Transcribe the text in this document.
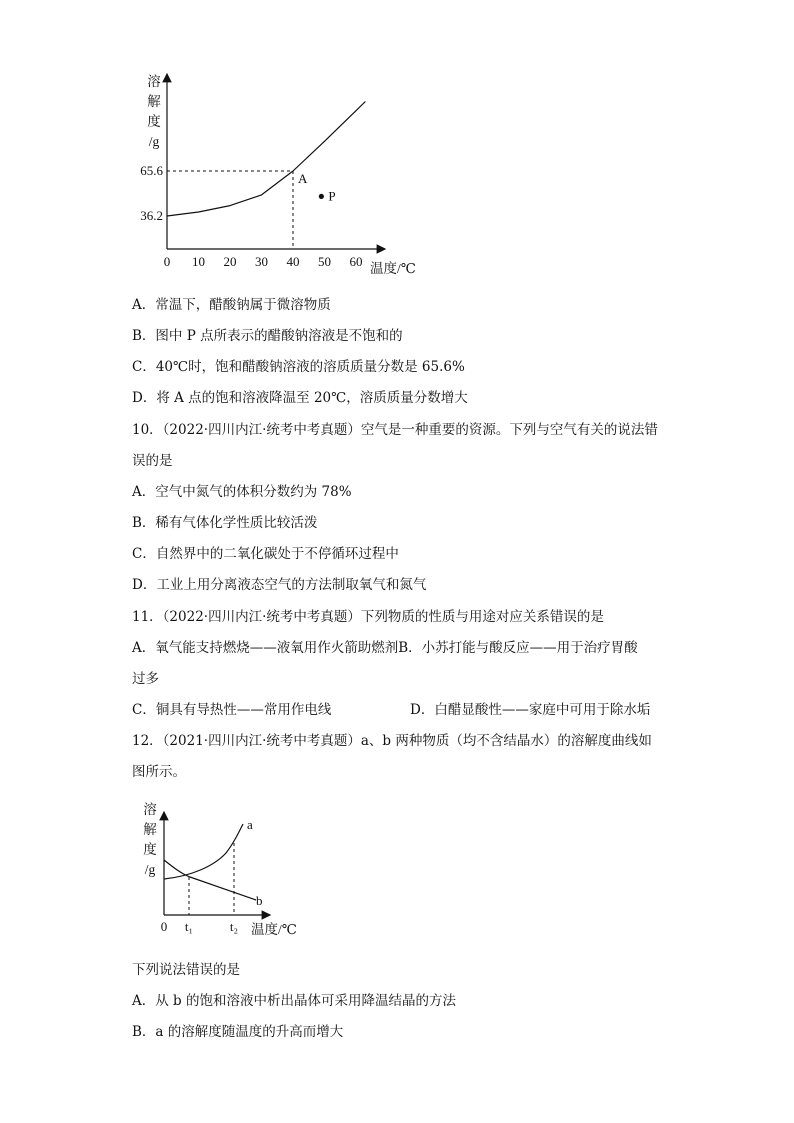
溶
解
度
/g
温度/℃
0 10 20 30 40 50 60
65.6
36.2
A
P
A．常温下，醋酸钠属于微溶物质
B．图中 P 点所表示的醋酸钠溶液是不饱和的
C．40℃时，饱和醋酸钠溶液的溶质质量分数是 65.6%
D．将 A 点的饱和溶液降温至 20℃，溶质质量分数增大
10．（2022·四川内江·统考中考真题）空气是一种重要的资源。下列与空气有关的说法错
误的是
A．空气中氮气的体积分数约为 78%
B．稀有气体化学性质比较活泼
C．自然界中的二氧化碳处于不停循环过程中
D．工业上用分离液态空气的方法制取氧气和氮气
11．（2022·四川内江·统考中考真题）下列物质的性质与用途对应关系错误的是
A．氧气能支持燃烧——液氧用作火箭助燃剂B．小苏打能与酸反应——用于治疗胃酸
过多
C．铜具有导热性——常用作电线	D．白醋显酸性——家庭中可用于除水垢
12．（2021·四川内江·统考中考真题）a、b 两种物质（均不含结晶水）的溶解度曲线如
图所示。
溶
解
度
/g
温度/℃
0 t₁	t₂
a
b
下列说法错误的是
A．从 b 的饱和溶液中析出晶体可采用降温结晶的方法
B．a 的溶解度随温度的升高而增大
